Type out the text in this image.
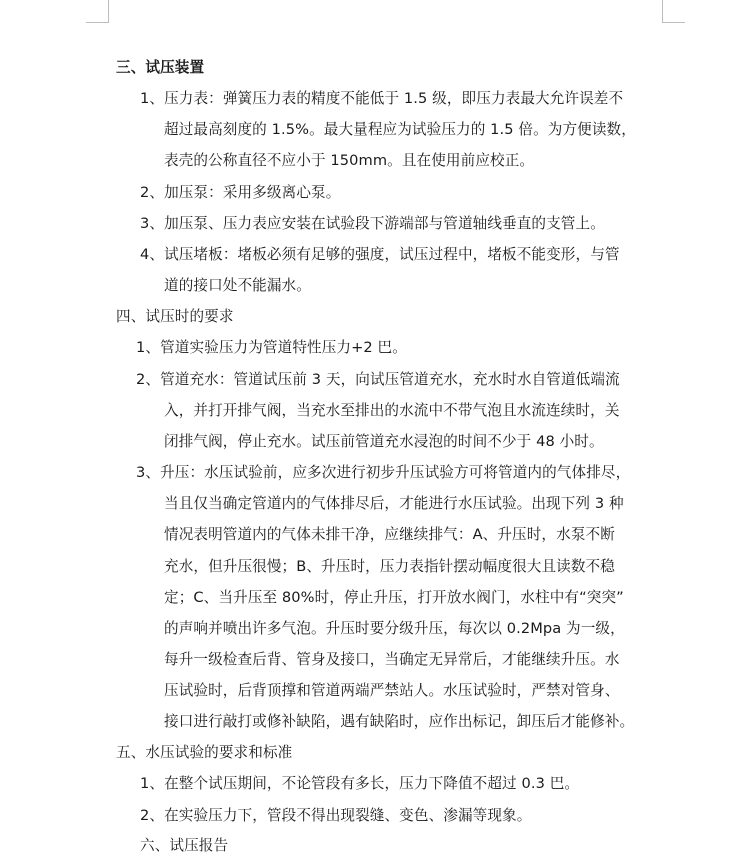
三、试压装置
1、压力表：弹簧压力表的精度不能低于 1.5 级，即压力表最大允许误差不
超过最高刻度的 1.5%。最大量程应为试验压力的 1.5 倍。为方便读数，
表壳的公称直径不应小于 150mm。且在使用前应校正。
2、加压泵：采用多级离心泵。
3、加压泵、压力表应安装在试验段下游端部与管道轴线垂直的支管上。
4、试压堵板：堵板必须有足够的强度，试压过程中，堵板不能变形，与管
道的接口处不能漏水。
四、试压时的要求
1、管道实验压力为管道特性压力+2 巴。
2、管道充水：管道试压前 3 天，向试压管道充水，充水时水自管道低端流
入，并打开排气阀，当充水至排出的水流中不带气泡且水流连续时，关
闭排气阀，停止充水。试压前管道充水浸泡的时间不少于 48 小时。
3、升压：水压试验前，应多次进行初步升压试验方可将管道内的气体排尽，
当且仅当确定管道内的气体排尽后，才能进行水压试验。出现下列 3 种
情况表明管道内的气体未排干净，应继续排气：A、升压时，水泵不断
充水，但升压很慢；B、升压时，压力表指针摆动幅度很大且读数不稳
定；C、当升压至 80%时，停止升压，打开放水阀门，水柱中有“突突”
的声响并喷出许多气泡。升压时要分级升压，每次以 0.2Mpa 为一级，
每升一级检查后背、管身及接口，当确定无异常后，才能继续升压。水
压试验时，后背顶撑和管道两端严禁站人。水压试验时，严禁对管身、
接口进行敲打或修补缺陷，遇有缺陷时，应作出标记，卸压后才能修补。
五、水压试验的要求和标准
1、在整个试压期间，不论管段有多长，压力下降值不超过 0.3 巴。
2、在实验压力下，管段不得出现裂缝、变色、渗漏等现象。
六、试压报告
